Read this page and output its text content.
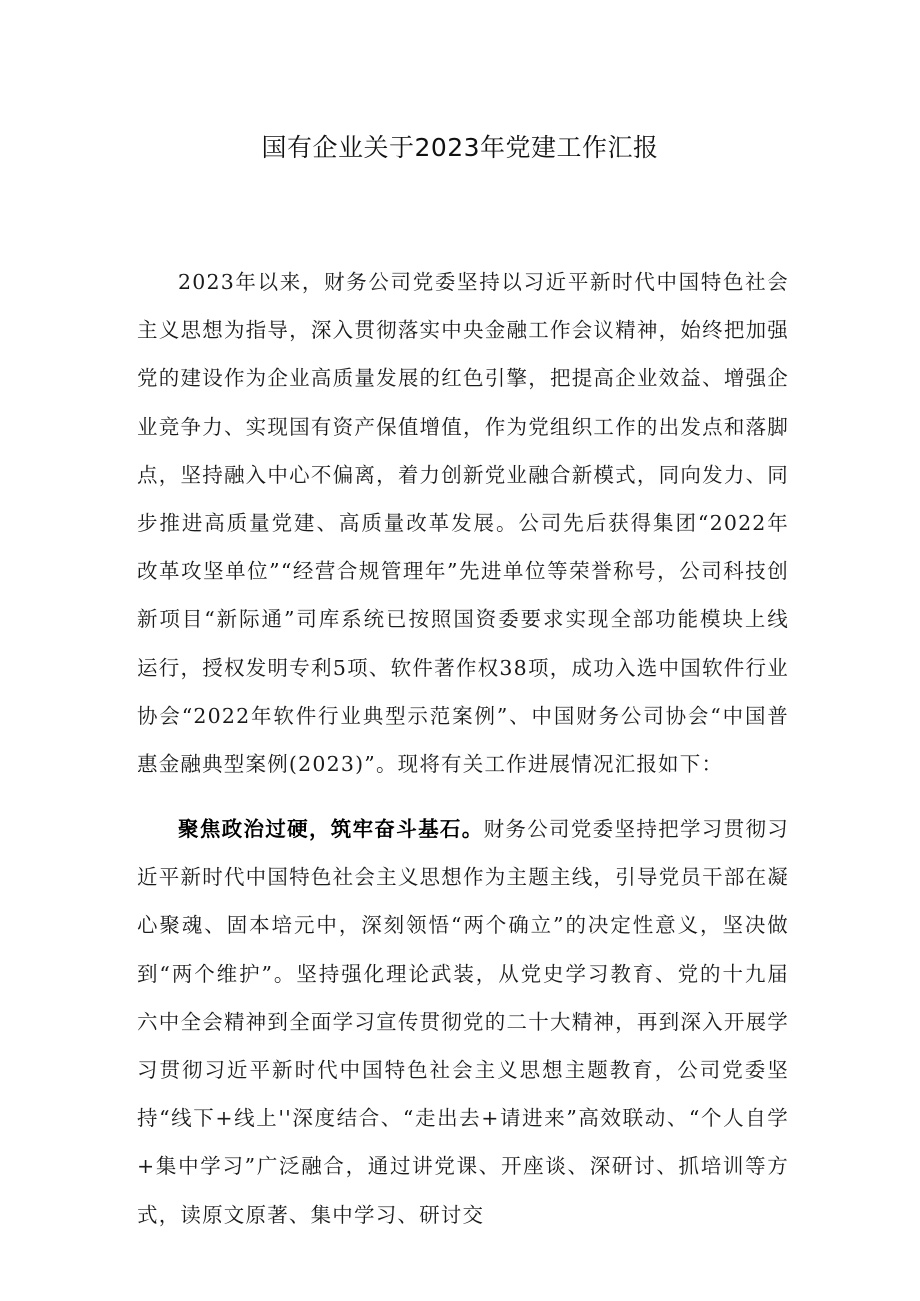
国有企业关于2023年党建工作汇报

2023年以来，财务公司党委坚持以习近平新时代中国特色社会主义思想为指导，深入贯彻落实中央金融工作会议精神，始终把加强党的建设作为企业高质量发展的红色引擎，把提高企业效益、增强企业竞争力、实现国有资产保值增值，作为党组织工作的出发点和落脚点，坚持融入中心不偏离，着力创新党业融合新模式，同向发力、同步推进高质量党建、高质量改革发展。公司先后获得集团“2022年改革攻坚单位”“经营合规管理年”先进单位等荣誉称号，公司科技创新项目“新际通”司库系统已按照国资委要求实现全部功能模块上线运行，授权发明专利5项、软件著作权38项，成功入选中国软件行业协会“2022年软件行业典型示范案例”、中国财务公司协会“中国普惠金融典型案例(2023)”。现将有关工作进展情况汇报如下：

聚焦政治过硬，筑牢奋斗基石。财务公司党委坚持把学习贯彻习近平新时代中国特色社会主义思想作为主题主线，引导党员干部在凝心聚魂、固本培元中，深刻领悟“两个确立”的决定性意义，坚决做到“两个维护”。坚持强化理论武装，从党史学习教育、党的十九届六中全会精神到全面学习宣传贯彻党的二十大精神，再到深入开展学习贯彻习近平新时代中国特色社会主义思想主题教育，公司党委坚持“线下+线上''深度结合、“走出去+请进来”高效联动、“个人自学+集中学习”广泛融合，通过讲党课、开座谈、深研讨、抓培训等方式，读原文原著、集中学习、研讨交
